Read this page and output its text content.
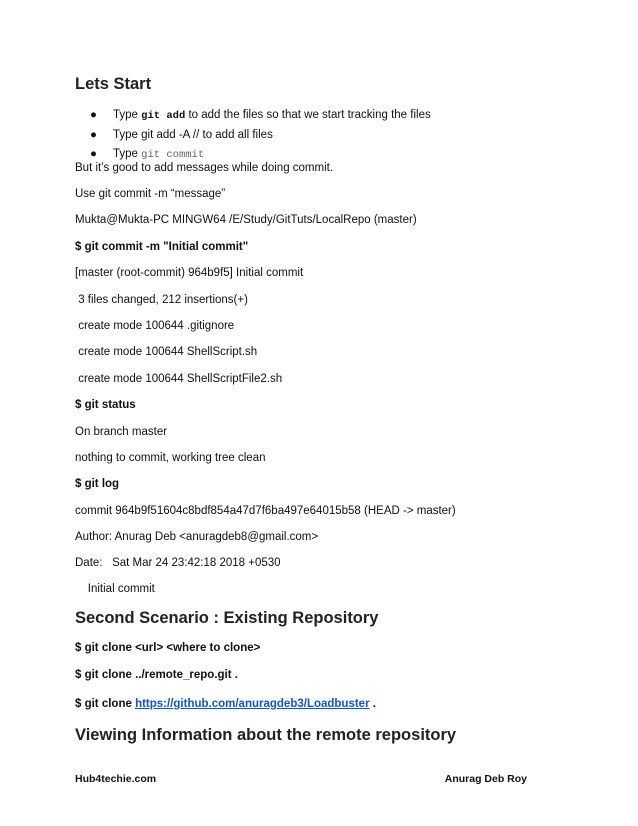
Lets Start
● Type git add to add the files so that we start tracking the files
● Type git add -A // to add all files
● Type git commit
But it’s good to add messages while doing commit.
Use git commit -m “message”
Mukta@Mukta-PC MINGW64 /E/Study/GitTuts/LocalRepo (master)
$ git commit -m "Initial commit"
[master (root-commit) 964b9f5] Initial commit
3 files changed, 212 insertions(+)
create mode 100644 .gitignore
create mode 100644 ShellScript.sh
create mode 100644 ShellScriptFile2.sh
$ git status
On branch master
nothing to commit, working tree clean
$ git log
commit 964b9f51604c8bdf854a47d7f6ba497e64015b58 (HEAD -> master)
Author: Anurag Deb <anuragdeb8@gmail.com>
Date:   Sat Mar 24 23:42:18 2018 +0530
Initial commit
Second Scenario : Existing Repository
$ git clone <url> <where to clone>
$ git clone ../remote_repo.git .
$ git clone https://github.com/anuragdeb3/Loadbuster .
Viewing Information about the remote repository
Hub4techie.com	Anurag Deb Roy
